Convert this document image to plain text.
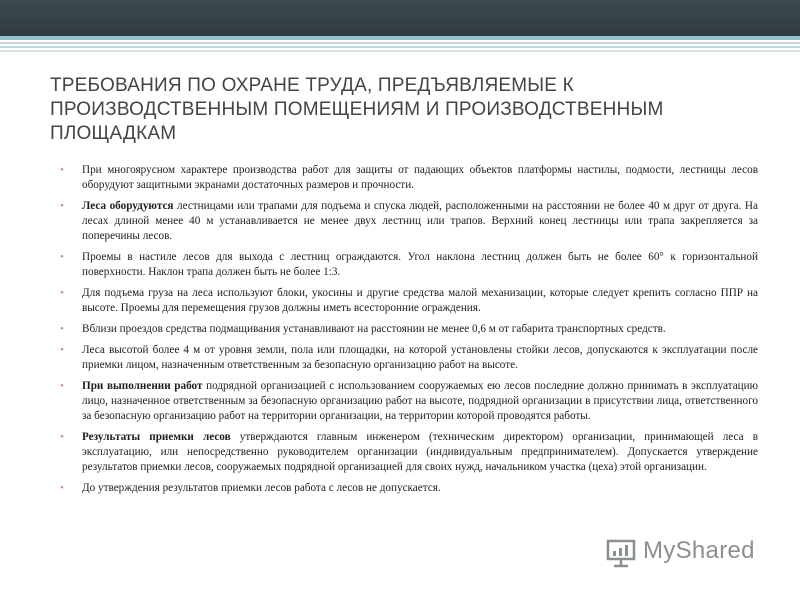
ТРЕБОВАНИЯ ПО ОХРАНЕ ТРУДА, ПРЕДЪЯВЛЯЕМЫЕ К ПРОИЗВОДСТВЕННЫМ ПОМЕЩЕНИЯМ И ПРОИЗВОДСТВЕННЫМ ПЛОЩАДКАМ
• При многоярусном характере производства работ для защиты от падающих объектов платформы настилы, подмости, лестницы лесов оборудуют защитными экранами достаточных размеров и прочности.
• Леса оборудуются лестницами или трапами для подъема и спуска людей, расположенными на расстоянии не более 40 м друг от друга. На лесах длиной менее 40 м устанавливается не менее двух лестниц или трапов. Верхний конец лестницы или трапа закрепляется за поперечины лесов.
• Проемы в настиле лесов для выхода с лестниц ограждаются. Угол наклона лестниц должен быть не более 60° к горизонтальной поверхности. Наклон трапа должен быть не более 1:3.
• Для подъема груза на леса используют блоки, укосины и другие средства малой механизации, которые следует крепить согласно ППР на высоте. Проемы для перемещения грузов должны иметь всесторонние ограждения.
• Вблизи проездов средства подмащивания устанавливают на расстоянии не менее 0,6 м от габарита транспортных средств.
• Леса высотой более 4 м от уровня земли, пола или площадки, на которой установлены стойки лесов, допускаются к эксплуатации после приемки лицом, назначенным ответственным за безопасную организацию работ на высоте.
• При выполнении работ подрядной организацией с использованием сооружаемых ею лесов последние должно принимать в эксплуатацию лицо, назначенное ответственным за безопасную организацию работ на высоте, подрядной организации в присутствии лица, ответственного за безопасную организацию работ на территории организации, на территории которой проводятся работы.
• Результаты приемки лесов утверждаются главным инженером (техническим директором) организации, принимающей леса в эксплуатацию, или непосредственно руководителем организации (индивидуальным предпринимателем). Допускается утверждение результатов приемки лесов, сооружаемых подрядной организацией для своих нужд, начальником участка (цеха) этой организации.
• До утверждения результатов приемки лесов работа с лесов не допускается.
MyShared
